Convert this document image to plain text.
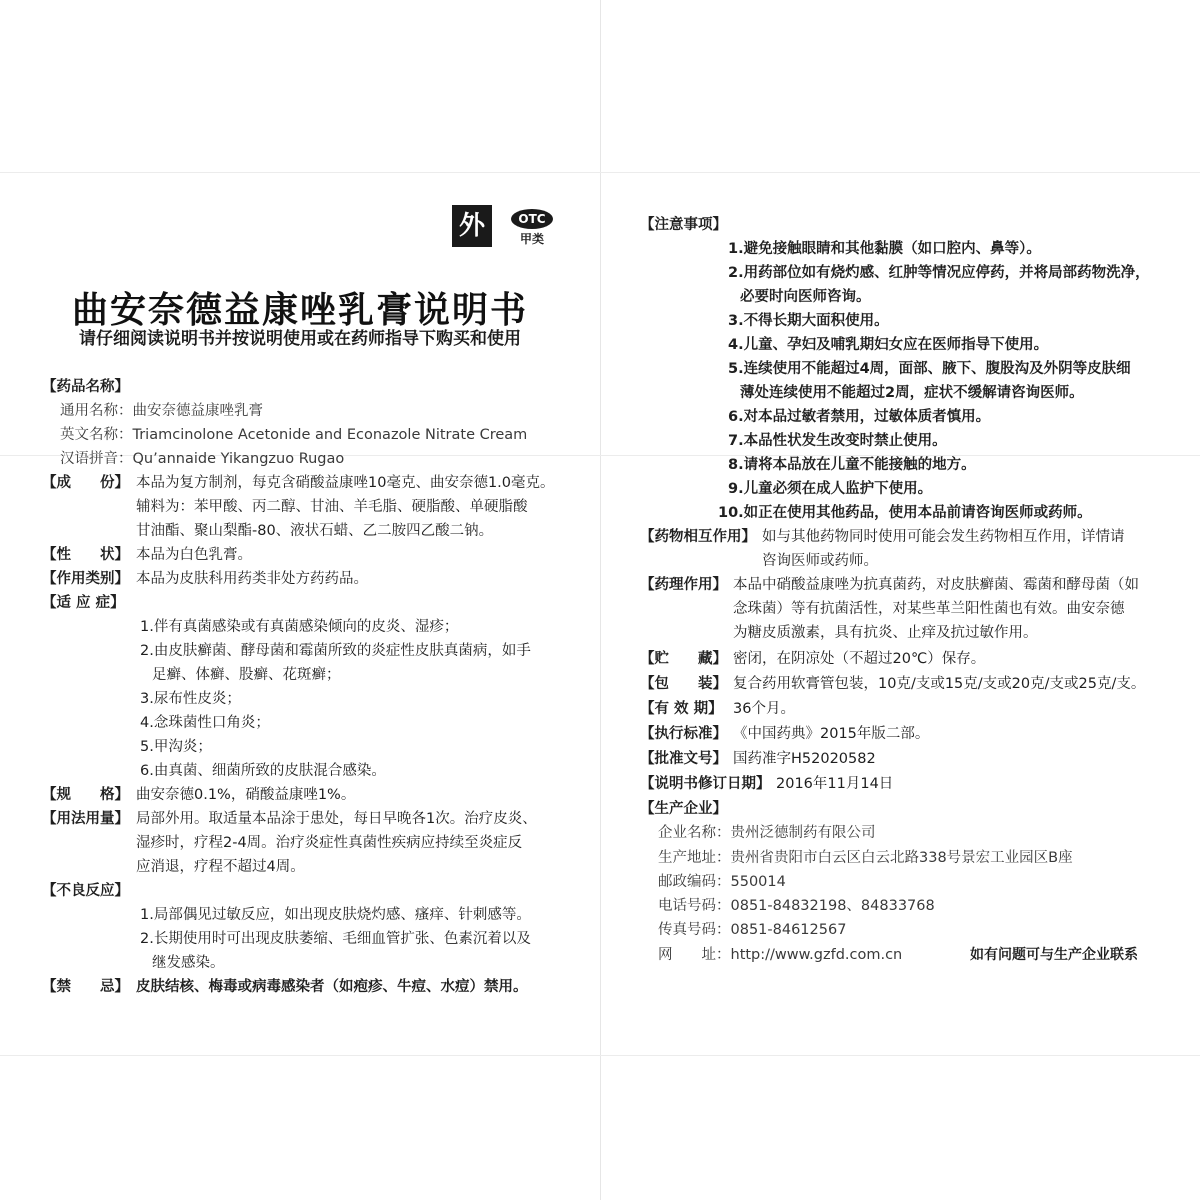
外	OTC
甲类
曲安奈德益康唑乳膏说明书
请仔细阅读说明书并按说明使用或在药师指导下购买和使用
【药品名称】
通用名称：曲安奈德益康唑乳膏
英文名称：Triamcinolone Acetonide and Econazole Nitrate Cream
汉语拼音：Qu’annaide Yikangzuo Rugao
【成　　份】 本品为复方制剂，每克含硝酸益康唑10毫克、曲安奈德1.0毫克。
辅料为：苯甲酸、丙二醇、甘油、羊毛脂、硬脂酸、单硬脂酸
甘油酯、聚山梨酯-80、液状石蜡、乙二胺四乙酸二钠。
【性　　状】 本品为白色乳膏。
【作用类别】 本品为皮肤科用药类非处方药药品。
【适 应 症】
1.伴有真菌感染或有真菌感染倾向的皮炎、湿疹；
2.由皮肤癣菌、酵母菌和霉菌所致的炎症性皮肤真菌病，如手
足癣、体癣、股癣、花斑癣；
3.尿布性皮炎；
4.念珠菌性口角炎；
5.甲沟炎；
6.由真菌、细菌所致的皮肤混合感染。
【规　　格】 曲安奈德0.1%，硝酸益康唑1%。
【用法用量】 局部外用。取适量本品涂于患处，每日早晚各1次。治疗皮炎、
湿疹时，疗程2-4周。治疗炎症性真菌性疾病应持续至炎症反
应消退，疗程不超过4周。
【不良反应】
1.局部偶见过敏反应，如出现皮肤烧灼感、瘙痒、针刺感等。
2.长期使用时可出现皮肤萎缩、毛细血管扩张、色素沉着以及
继发感染。
【禁　　忌】 皮肤结核、梅毒或病毒感染者（如疱疹、牛痘、水痘）禁用。
【注意事项】
1.避免接触眼睛和其他黏膜（如口腔内、鼻等）。
2.用药部位如有烧灼感、红肿等情况应停药，并将局部药物洗净，
必要时向医师咨询。
3.不得长期大面积使用。
4.儿童、孕妇及哺乳期妇女应在医师指导下使用。
5.连续使用不能超过4周，面部、腋下、腹股沟及外阴等皮肤细
薄处连续使用不能超过2周，症状不缓解请咨询医师。
6.对本品过敏者禁用，过敏体质者慎用。
7.本品性状发生改变时禁止使用。
8.请将本品放在儿童不能接触的地方。
9.儿童必须在成人监护下使用。
10.如正在使用其他药品，使用本品前请咨询医师或药师。
【药物相互作用】 如与其他药物同时使用可能会发生药物相互作用，详情请
咨询医师或药师。
【药理作用】 本品中硝酸益康唑为抗真菌药，对皮肤癣菌、霉菌和酵母菌（如
念珠菌）等有抗菌活性，对某些革兰阳性菌也有效。曲安奈德
为糖皮质激素，具有抗炎、止痒及抗过敏作用。
【贮　　藏】 密闭，在阴凉处（不超过20℃）保存。
【包　　装】 复合药用软膏管包装，10克/支或15克/支或20克/支或25克/支。
【有 效 期】 36个月。
【执行标准】 《中国药典》2015年版二部。
【批准文号】 国药准字H52020582
【说明书修订日期】 2016年11月14日
【生产企业】
企业名称：贵州泛德制药有限公司
生产地址：贵州省贵阳市白云区白云北路338号景宏工业园区B座
邮政编码：550014
电话号码：0851-84832198、84833768
传真号码：0851-84612567
网　　址：http://www.gzfd.com.cn	如有问题可与生产企业联系
